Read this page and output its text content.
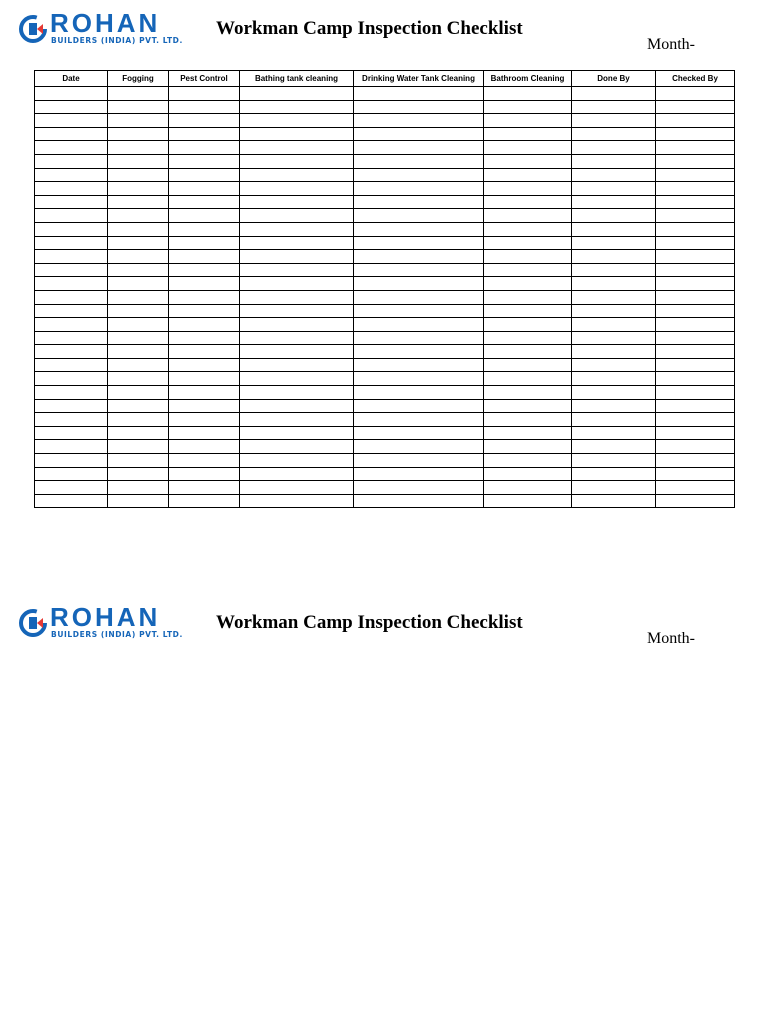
ROHAN
BUILDERS (INDIA) PVT. LTD.
Workman Camp Inspection Checklist
Month-
Date	Fogging	Pest Control	Bathing tank cleaning	Drinking Water Tank Cleaning	Bathroom Cleaning	Done By	Checked By

ROHAN
BUILDERS (INDIA) PVT. LTD.
Workman Camp Inspection Checklist
Month-
